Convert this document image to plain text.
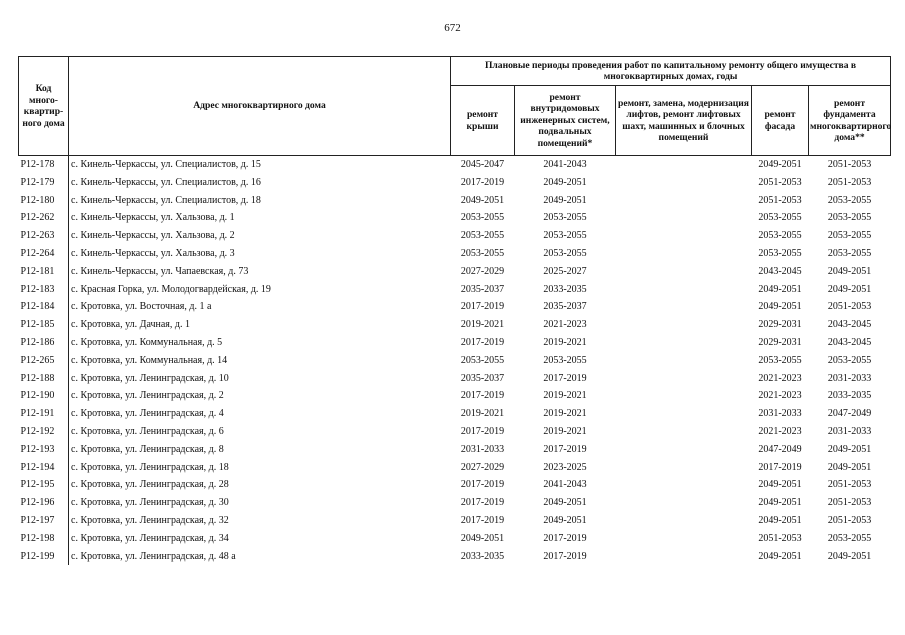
672
Код много-квартир-ного дома	Адрес многоквартирного дома	Плановые периоды проведения работ по капитальному ремонту общего имущества в многоквартирных домах, годы				
		ремонт крыши	ремонт внутридомовых инженерных систем, подвальных помещений*	ремонт, замена, модернизация лифтов, ремонт лифтовых шахт, машинных и блочных помещений	ремонт фасада	ремонт фундамента многоквартирного дома**
P12-178	с. Кинель-Черкассы, ул. Специалистов, д. 15	2045-2047	2041-2043		2049-2051	2051-2053
P12-179	с. Кинель-Черкассы, ул. Специалистов, д. 16	2017-2019	2049-2051		2051-2053	2051-2053
P12-180	с. Кинель-Черкассы, ул. Специалистов, д. 18	2049-2051	2049-2051		2051-2053	2053-2055
P12-262	с. Кинель-Черкассы, ул. Хальзова, д. 1	2053-2055	2053-2055		2053-2055	2053-2055
P12-263	с. Кинель-Черкассы, ул. Хальзова, д. 2	2053-2055	2053-2055		2053-2055	2053-2055
P12-264	с. Кинель-Черкассы, ул. Хальзова, д. 3	2053-2055	2053-2055		2053-2055	2053-2055
P12-181	с. Кинель-Черкассы, ул. Чапаевская, д. 73	2027-2029	2025-2027		2043-2045	2049-2051
P12-183	с. Красная Горка, ул. Молодогвардейская, д. 19	2035-2037	2033-2035		2049-2051	2049-2051
P12-184	с. Кротовка, ул. Восточная, д. 1 а	2017-2019	2035-2037		2049-2051	2051-2053
P12-185	с. Кротовка, ул. Дачная, д. 1	2019-2021	2021-2023		2029-2031	2043-2045
P12-186	с. Кротовка, ул. Коммунальная, д. 5	2017-2019	2019-2021		2029-2031	2043-2045
P12-265	с. Кротовка, ул. Коммунальная, д. 14	2053-2055	2053-2055		2053-2055	2053-2055
P12-188	с. Кротовка, ул. Ленинградская, д. 10	2035-2037	2017-2019		2021-2023	2031-2033
P12-190	с. Кротовка, ул. Ленинградская, д. 2	2017-2019	2019-2021		2021-2023	2033-2035
P12-191	с. Кротовка, ул. Ленинградская, д. 4	2019-2021	2019-2021		2031-2033	2047-2049
P12-192	с. Кротовка, ул. Ленинградская, д. 6	2017-2019	2019-2021		2021-2023	2031-2033
P12-193	с. Кротовка, ул. Ленинградская, д. 8	2031-2033	2017-2019		2047-2049	2049-2051
P12-194	с. Кротовка, ул. Ленинградская, д. 18	2027-2029	2023-2025		2017-2019	2049-2051
P12-195	с. Кротовка, ул. Ленинградская, д. 28	2017-2019	2041-2043		2049-2051	2051-2053
P12-196	с. Кротовка, ул. Ленинградская, д. 30	2017-2019	2049-2051		2049-2051	2051-2053
P12-197	с. Кротовка, ул. Ленинградская, д. 32	2017-2019	2049-2051		2049-2051	2051-2053
P12-198	с. Кротовка, ул. Ленинградская, д. 34	2049-2051	2017-2019		2051-2053	2053-2055
P12-199	с. Кротовка, ул. Ленинградская, д. 48 а	2033-2035	2017-2019		2049-2051	2049-2051
